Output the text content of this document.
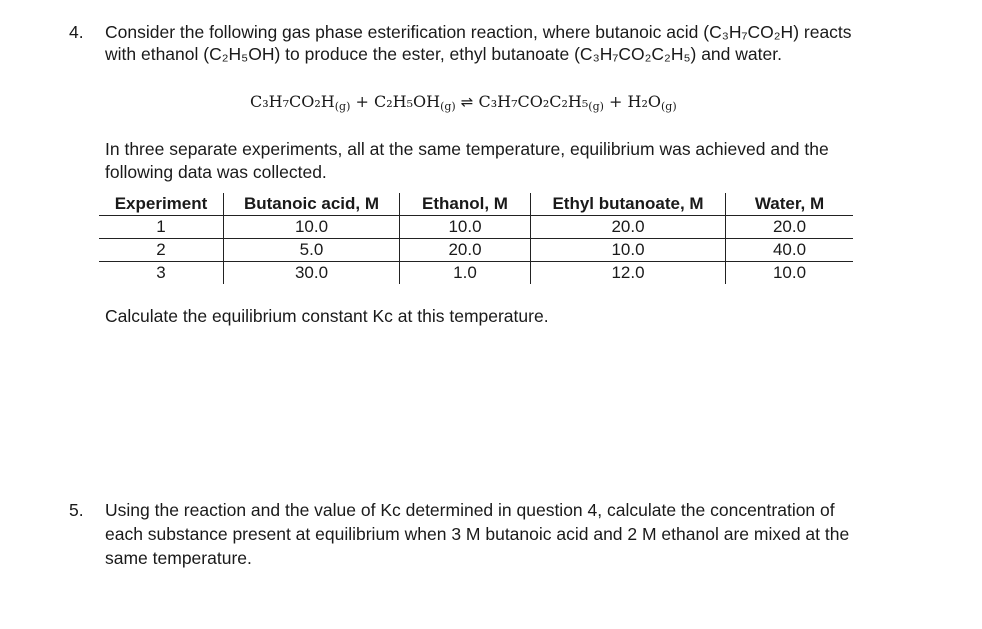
4. Consider the following gas phase esterification reaction, where butanoic acid (C₃H₇CO₂H) reacts
with ethanol (C₂H₅OH) to produce the ester, ethyl butanoate (C₃H₇CO₂C₂H₅) and water.
C₃H₇CO₂H(g) + C₂H₅OH(g) ⇌ C₃H₇CO₂C₂H₅(g) + H₂O(g)
In three separate experiments, all at the same temperature, equilibrium was achieved and the
following data was collected.
Experiment	Butanoic acid, M	Ethanol, M	Ethyl butanoate, M	Water, M
1	10.0	10.0	20.0	20.0
2	5.0	20.0	10.0	40.0
3	30.0	1.0	12.0	10.0
Calculate the equilibrium constant Kc at this temperature.
5. Using the reaction and the value of Kc determined in question 4, calculate the concentration of
each substance present at equilibrium when 3 M butanoic acid and 2 M ethanol are mixed at the
same temperature.
